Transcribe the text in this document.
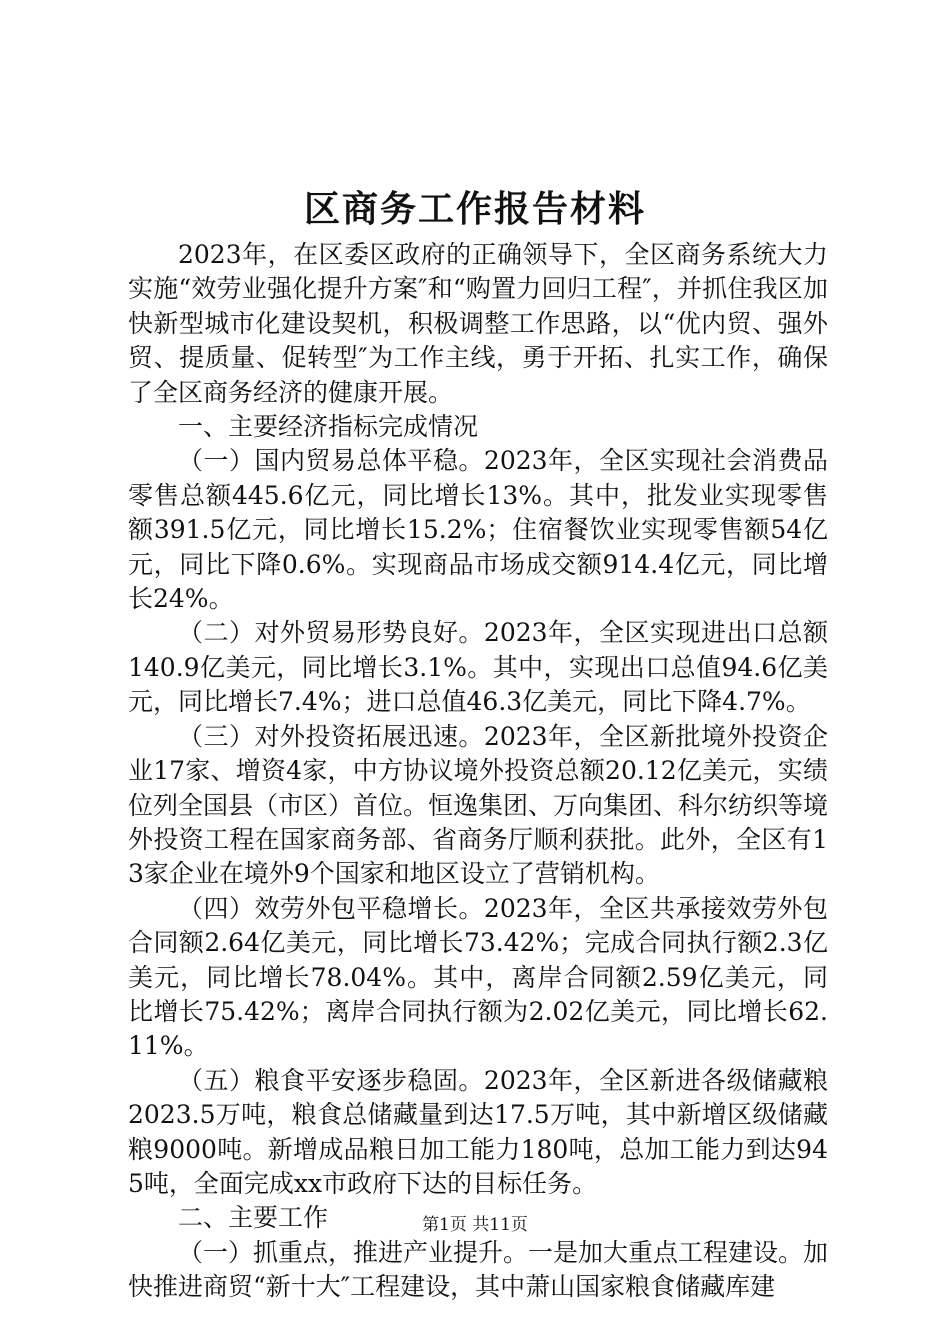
区商务工作报告材料

2023年，在区委区政府的正确领导下，全区商务系统大力实施“效劳业强化提升方案″和“购置力回归工程″，并抓住我区加快新型城市化建设契机，积极调整工作思路，以“优内贸、强外贸、提质量、促转型″为工作主线，勇于开拓、扎实工作，确保了全区商务经济的健康开展。

一、主要经济指标完成情况

（一）国内贸易总体平稳。2023年，全区实现社会消费品零售总额445.6亿元，同比增长13%。其中，批发业实现零售额391.5亿元，同比增长15.2%；住宿餐饮业实现零售额54亿元，同比下降0.6%。实现商品市场成交额914.4亿元，同比增长24%。

（二）对外贸易形势良好。2023年，全区实现进出口总额140.9亿美元，同比增长3.1%。其中，实现出口总值94.6亿美元，同比增长7.4%；进口总值46.3亿美元，同比下降4.7%。

（三）对外投资拓展迅速。2023年，全区新批境外投资企业17家、增资4家，中方协议境外投资总额20.12亿美元，实绩位列全国县（市区）首位。恒逸集团、万向集团、科尔纺织等境外投资工程在国家商务部、省商务厅顺利获批。此外，全区有13家企业在境外9个国家和地区设立了营销机构。

（四）效劳外包平稳增长。2023年，全区共承接效劳外包合同额2.64亿美元，同比增长73.42%；完成合同执行额2.3亿美元，同比增长78.04%。其中，离岸合同额2.59亿美元，同比增长75.42%；离岸合同执行额为2.02亿美元，同比增长62.11%。

（五）粮食平安逐步稳固。2023年，全区新进各级储藏粮2023.5万吨，粮食总储藏量到达17.5万吨，其中新增区级储藏粮9000吨。新增成品粮日加工能力180吨，总加工能力到达945吨，全面完成xx市政府下达的目标任务。

二、主要工作

（一）抓重点，推进产业提升。一是加大重点工程建设。加快推进商贸“新十大″工程建设，其中萧山国家粮食储藏库建

第1页 共11页
